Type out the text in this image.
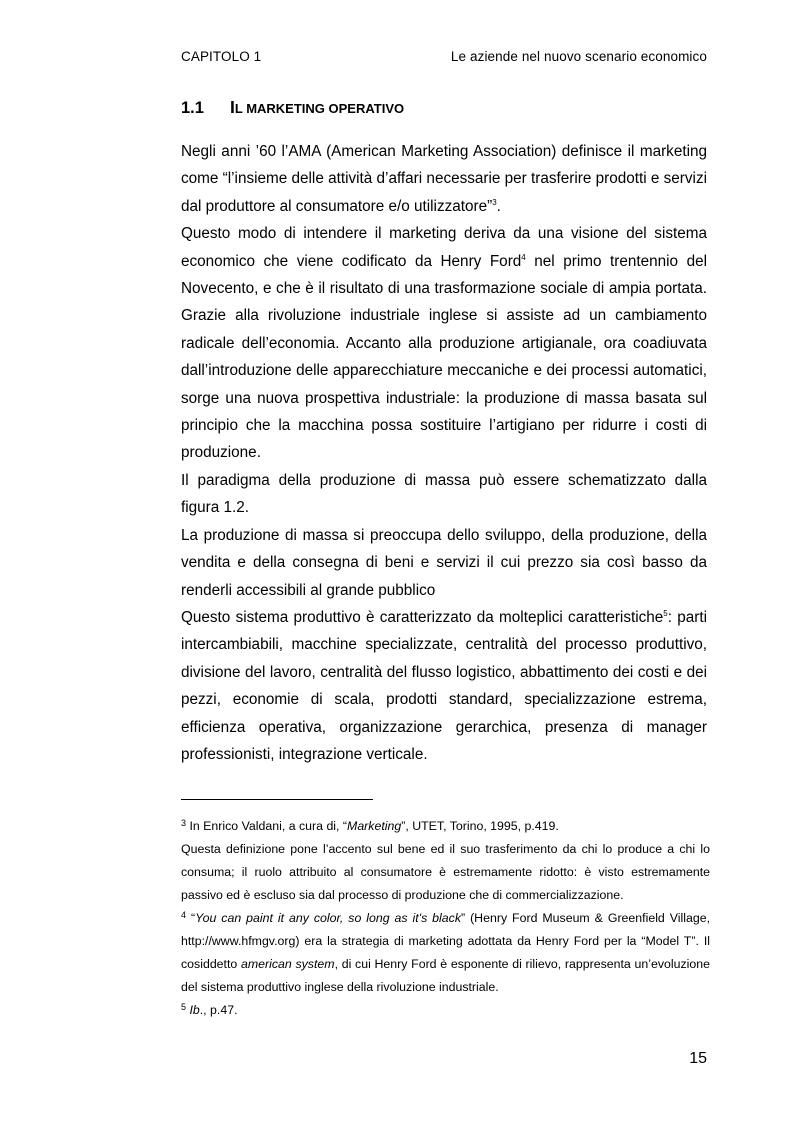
CAPITOLO 1	Le aziende nel nuovo scenario economico
1.1 IL MARKETING OPERATIVO

Negli anni ’60 l’AMA (American Marketing Association) definisce il marketing come “l’insieme delle attività d’affari necessarie per trasferire prodotti e servizi dal produttore al consumatore e/o utilizzatore”$^3$.

Questo modo di intendere il marketing deriva da una visione del sistema economico che viene codificato da Henry Ford$^4$ nel primo trentennio del Novecento, e che è il risultato di una trasformazione sociale di ampia portata. Grazie alla rivoluzione industriale inglese si assiste ad un cambiamento radicale dell’economia. Accanto alla produzione artigianale, ora coadiuvata dall’introduzione delle apparecchiature meccaniche e dei processi automatici, sorge una nuova prospettiva industriale: la produzione di massa basata sul principio che la macchina possa sostituire l’artigiano per ridurre i costi di produzione.

Il paradigma della produzione di massa può essere schematizzato dalla figura 1.2.

La produzione di massa si preoccupa dello sviluppo, della produzione, della vendita e della consegna di beni e servizi il cui prezzo sia così basso da renderli accessibili al grande pubblico

Questo sistema produttivo è caratterizzato da molteplici caratteristiche$^5$: parti intercambiabili, macchine specializzate, centralità del processo produttivo, divisione del lavoro, centralità del flusso logistico, abbattimento dei costi e dei pezzi, economie di scala, prodotti standard, specializzazione estrema, efficienza operativa, organizzazione gerarchica, presenza di manager professionisti, integrazione verticale.

$^3$ In Enrico Valdani, a cura di, “Marketing”, UTET, Torino, 1995, p.419.

Questa definizione pone l’accento sul bene ed il suo trasferimento da chi lo produce a chi lo consuma; il ruolo attribuito al consumatore è estremamente ridotto: è visto estremamente passivo ed è escluso sia dal processo di produzione che di commercializzazione.

$^4$ “You can paint it any color, so long as it's black” (Henry Ford Museum & Greenfield Village, http://www.hfmgv.org) era la strategia di marketing adottata da Henry Ford per la “Model T”. Il cosiddetto american system, di cui Henry Ford è esponente di rilievo, rappresenta un’evoluzione del sistema produttivo inglese della rivoluzione industriale.

$^5$ Ib., p.47.

15
